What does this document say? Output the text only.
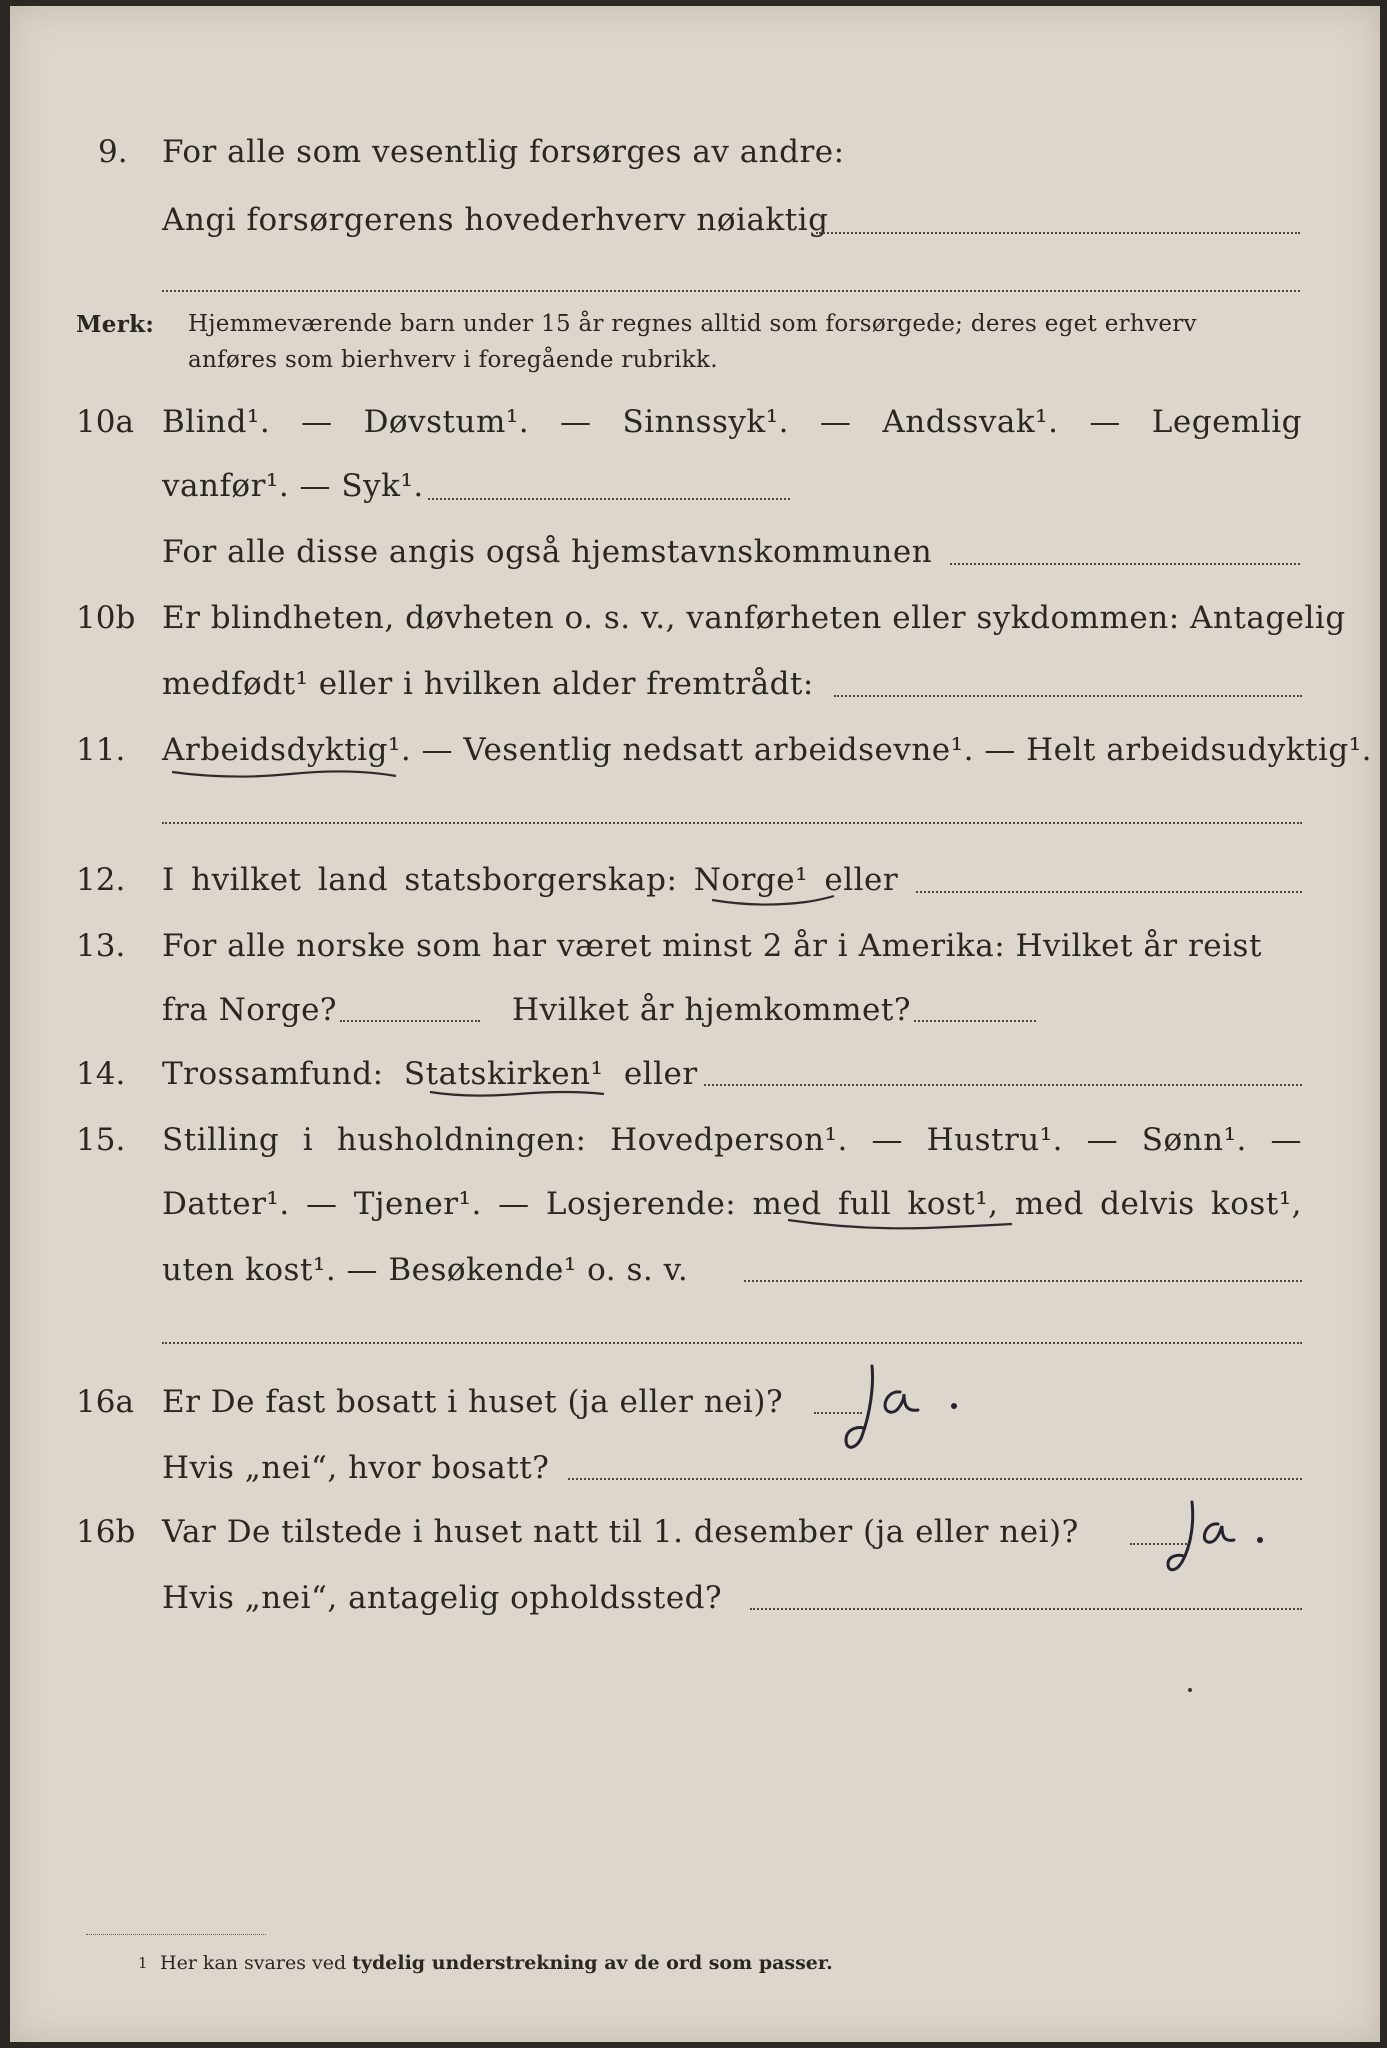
9. For alle som vesentlig forsørges av andre:
Angi forsørgerens hovederhverv nøiaktig
Merk: Hjemmeværende barn under 15 år regnes alltid som forsørgede; deres eget erhverv
anføres som bierhverv i foregående rubrikk.
10a Blind¹. — Døvstum¹. — Sinnssyk¹. — Andssvak¹. — Legemlig
vanfør¹. — Syk¹.
For alle disse angis også hjemstavnskommunen
10b Er blindheten, døvheten o. s. v., vanførheten eller sykdommen: Antagelig
medfødt¹ eller i hvilken alder fremtrådt:
11. Arbeidsdyktig¹. — Vesentlig nedsatt arbeidsevne¹. — Helt arbeidsudyktig¹.
12. I hvilket land statsborgerskap: Norge¹ eller
13. For alle norske som har været minst 2 år i Amerika: Hvilket år reist
fra Norge?	Hvilket år hjemkommet?
14. Trossamfund: Statskirken¹ eller
15. Stilling i husholdningen: Hovedperson¹. — Hustru¹. — Sønn¹. —
Datter¹. — Tjener¹. — Losjerende: med full kost¹, med delvis kost¹,
uten kost¹. — Besøkende¹ o. s. v.
16a Er De fast bosatt i huset (ja eller nei)?
Ja.
Hvis „nei“, hvor bosatt?
16b Var De tilstede i huset natt til 1. desember (ja eller nei)?
Ja.
Hvis „nei“, antagelig opholdssted?
1 Her kan svares ved tydelig understrekning av de ord som passer.
